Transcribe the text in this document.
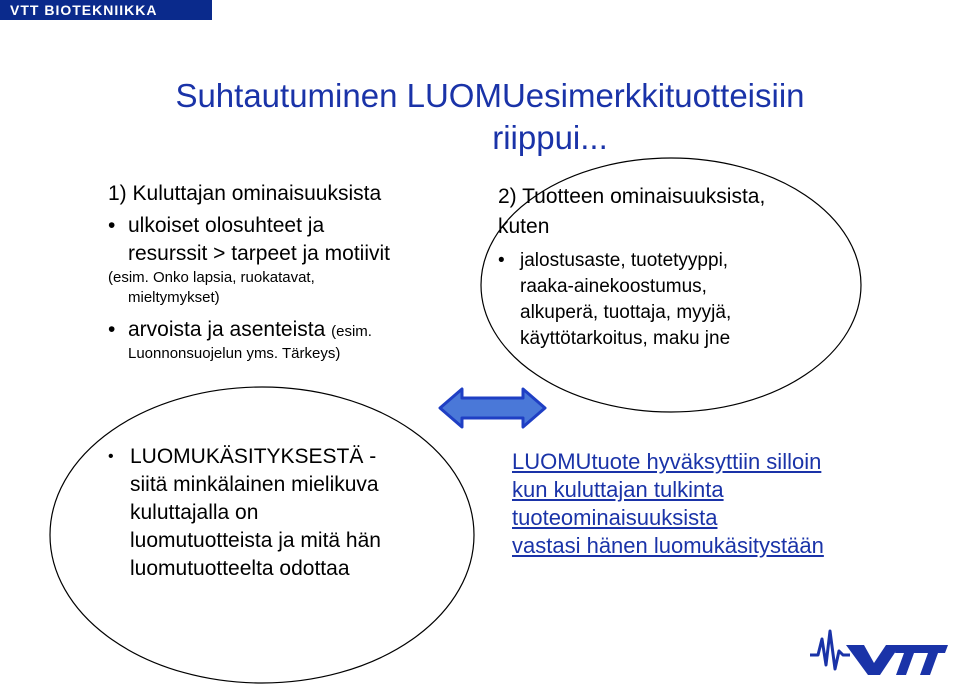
VTT BIOTEKNIIKKA
Suhtautuminen LUOMUesimerkkituotteisiin
riippui...
1) Kuluttajan ominaisuuksista
• ulkoiset olosuhteet ja
resurssit > tarpeet ja motiivit
(esim. Onko lapsia, ruokatavat,
mieltymykset)
• arvoista ja asenteista (esim.
Luonnonsuojelun yms. Tärkeys)
2) Tuotteen ominaisuuksista,
kuten
• jalostusaste, tuotetyyppi,
raaka-ainekoostumus,
alkuperä, tuottaja, myyjä,
käyttötarkoitus, maku jne
• LUOMUKÄSITYKSESTÄ -
siitä minkälainen mielikuva
kuluttajalla on
luomutuotteista ja mitä hän
luomutuotteelta odottaa
LUOMUtuote hyväksyttiin silloin
kun kuluttajan tulkinta
tuoteominaisuuksista
vastasi hänen luomukäsitystään
